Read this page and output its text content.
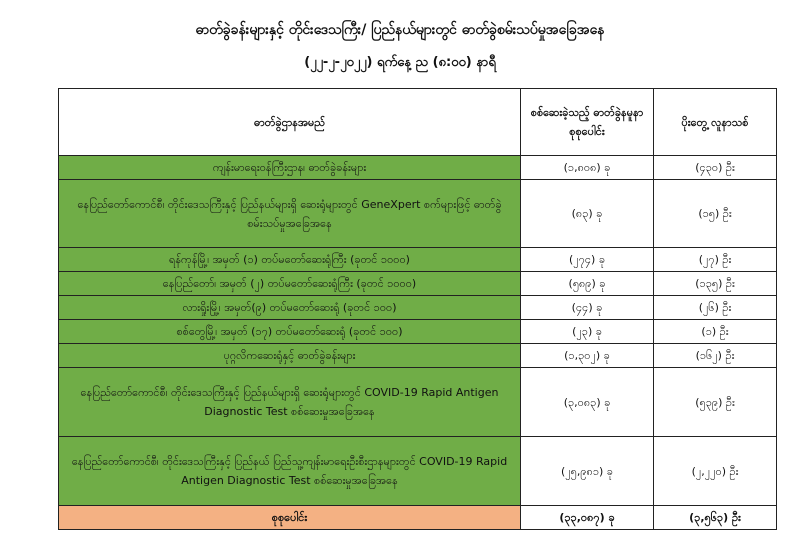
ဓာတ်ခွဲခန်းများနှင့် တိုင်းဒေသကြီး/ ပြည်နယ်များတွင် ဓာတ်ခွဲစမ်းသပ်မှုအခြေအနေ
(၂၂-၂-၂၀၂၂) ရက်နေ့ ည (၈:၀၀) နာရီ
ဓာတ်ခွဲဌာနအမည်	စစ်ဆေးခဲ့သည့် ဓာတ်ခွဲနမူနာ စုစုပေါင်း	ပိုးတွေ့ လူနာသစ်
ကျန်းမာရေးဝန်ကြီးဌာန၊ ဓာတ်ခွဲခန်းများ	(၁,၈၀၈) ခု	(၄၃၀) ဦး
နေပြည်တော်ကောင်စီ၊ တိုင်းဒေသကြီးနှင့် ပြည်နယ်များရှိ ဆေးရုံများတွင် GeneXpert စက်များဖြင့် ဓာတ်ခွဲစမ်းသပ်မှုအခြေအနေ	(၈၃) ခု	(၁၅) ဦး
ရန်ကုန်မြို့၊ အမှတ် (၁) တပ်မတော်ဆေးရုံကြီး (ခုတင် ၁၀၀၀)	(၂၇၄) ခု	(၂၇) ဦး
နေပြည်တော်၊ အမှတ် (၂) တပ်မတော်ဆေးရုံကြီး (ခုတင် ၁၀၀၀)	(၅၈၉) ခု	(၁၃၅) ဦး
လားရှိုးမြို့၊ အမှတ်(၉) တပ်မတော်ဆေးရုံ (ခုတင် ၁၀၀)	(၄၄) ခု	(၂၆) ဦး
စစ်တွေမြို့၊ အမှတ် (၁၇) တပ်မတော်ဆေးရုံ (ခုတင် ၁၀၀)	(၂၃) ခု	(၁) ဦး
ပုဂ္ဂလိကဆေးရုံနှင့် ဓာတ်ခွဲခန်းများ	(၁,၃၀၂) ခု	(၁၆၂) ဦး
နေပြည်တော်ကောင်စီ၊ တိုင်းဒေသကြီးနှင့် ပြည်နယ်များရှိ ဆေးရုံများတွင် COVID-19 Rapid Antigen Diagnostic Test စစ်ဆေးမှုအခြေအနေ	(၃,၀၈၃) ခု	(၅၃၉) ဦး
နေပြည်တော်ကောင်စီ၊ တိုင်းဒေသကြီးနှင့် ပြည်နယ် ပြည်သူ့ကျန်းမာရေးဦးစီးဌာနများတွင် COVID-19 Rapid Antigen Diagnostic Test စစ်ဆေးမှုအခြေအနေ	(၂၅,၉၈၁) ခု	(၂,၂၂၀) ဦး
စုစုပေါင်း	(၃၃,၀၈၇) ခု	(၃,၅၆၃) ဦး
